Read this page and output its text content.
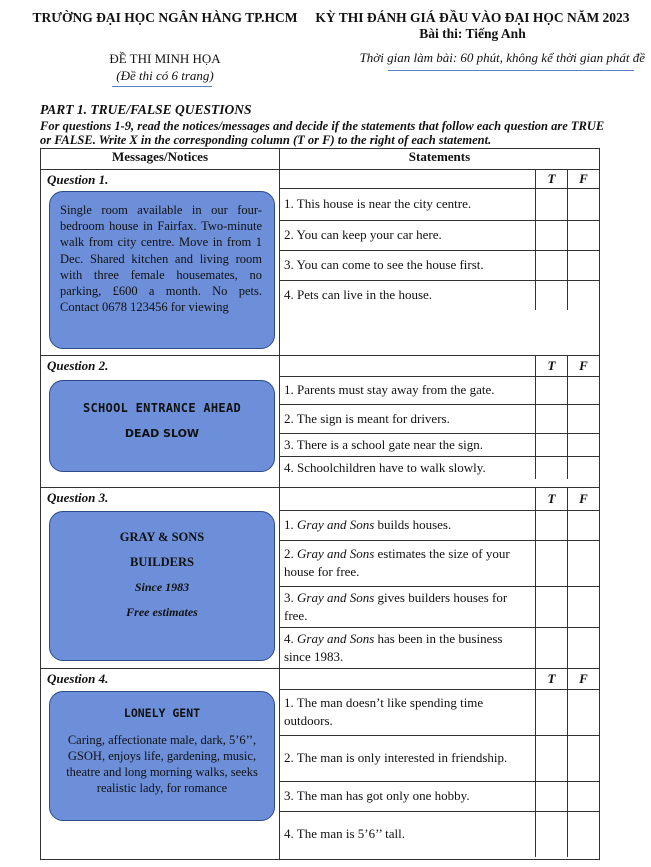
TRƯỜNG ĐẠI HỌC NGÂN HÀNG TP.HCM	KỲ THI ĐÁNH GIÁ ĐẦU VÀO ĐẠI HỌC NĂM 2023
Bài thi: Tiếng Anh
ĐỀ THI MINH HỌA
(Đề thi có 6 trang)
Thời gian làm bài: 60 phút, không kể thời gian phát đề
PART 1. TRUE/FALSE QUESTIONS
For questions 1-9, read the notices/messages and decide if the statements that follow each question are TRUE or FALSE. Write X in the corresponding column (T or F) to the right of each statement.
Messages/Notices	Statements

Question 1.
Single room available in our four-bedroom house in Fairfax. Two-minute walk from city centre. Move in from 1 Dec. Shared kitchen and living room with three female housemates, no parking, £600 a month. No pets. Contact 0678 123456 for viewing

	T	F
1. This house is near the city centre.		
2. You can keep your car here.		
3. You can come to see the house first.		
4. Pets can live in the house.		

Question 2.
SCHOOL ENTRANCE AHEAD
DEAD SLOW

	T	F
1. Parents must stay away from the gate.		
2. The sign is meant for drivers.		
3. There is a school gate near the sign.		
4. Schoolchildren have to walk slowly.		

Question 3.
GRAY & SONS
BUILDERS
Since 1983
Free estimates

	T	F
1. Gray and Sons builds houses.		
2. Gray and Sons estimates the size of your house for free.		
3. Gray and Sons gives builders houses for free.		
4. Gray and Sons has been in the business since 1983.		

Question 4.
LONELY GENT
Caring, affectionate male, dark, 5’6’’, GSOH, enjoys life, gardening, music, theatre and long morning walks, seeks realistic lady, for romance

	T	F
1. The man doesn’t like spending time outdoors.		
2. The man is only interested in friendship.		
3. The man has got only one hobby.		
4. The man is 5’6’’ tall.		
